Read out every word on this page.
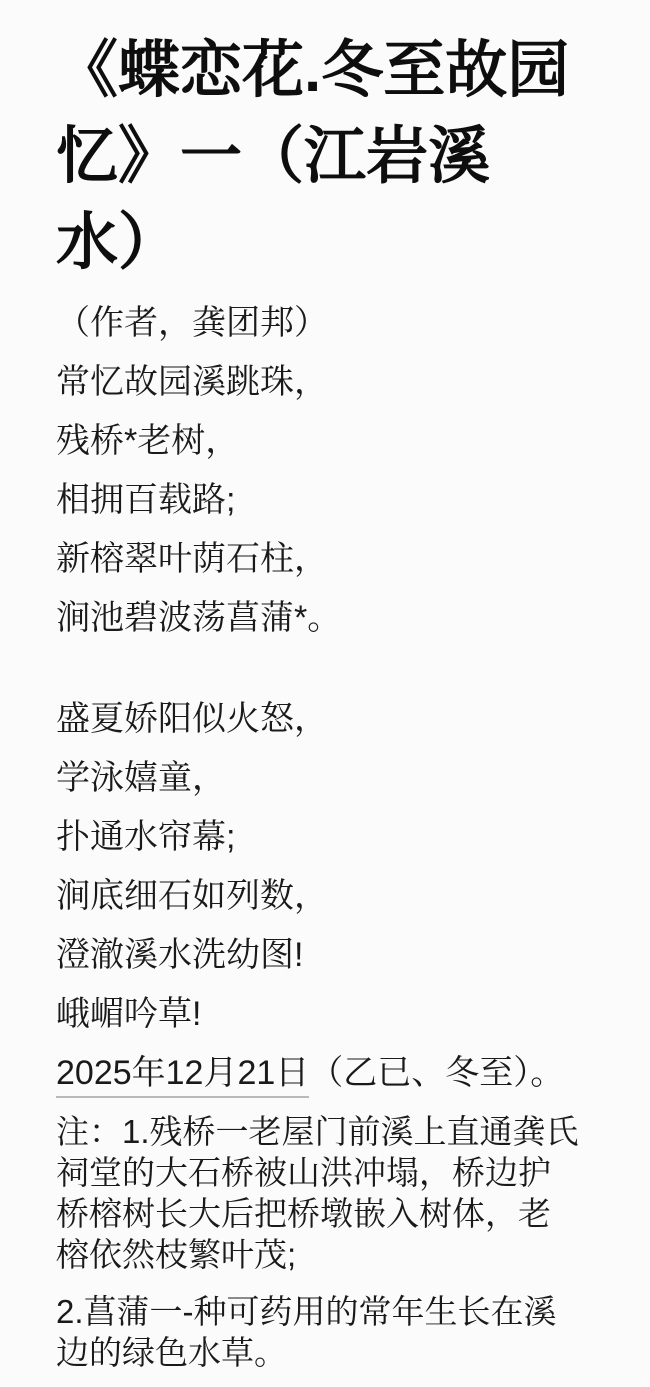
《蝶恋花.冬至故园
忆》一（江岩溪
水）
（作者，龚团邦）
常忆故园溪跳珠，
残桥*老树，
相拥百载路;
新榕翠叶荫石柱，
涧池碧波荡菖蒲*。
盛夏娇阳似火怒，
学泳嬉童，
扑通水帘幕;
涧底细石如列数，
澄澈溪水洗幼图!
峨嵋吟草!
2025年12月21日（乙已、冬至）。
注：1.残桥一老屋门前溪上直通龚氏
祠堂的大石桥被山洪冲塌，桥边护
桥榕树长大后把桥墩嵌入树体，老
榕依然枝繁叶茂;
2.菖蒲一-种可药用的常年生长在溪
边的绿色水草。
